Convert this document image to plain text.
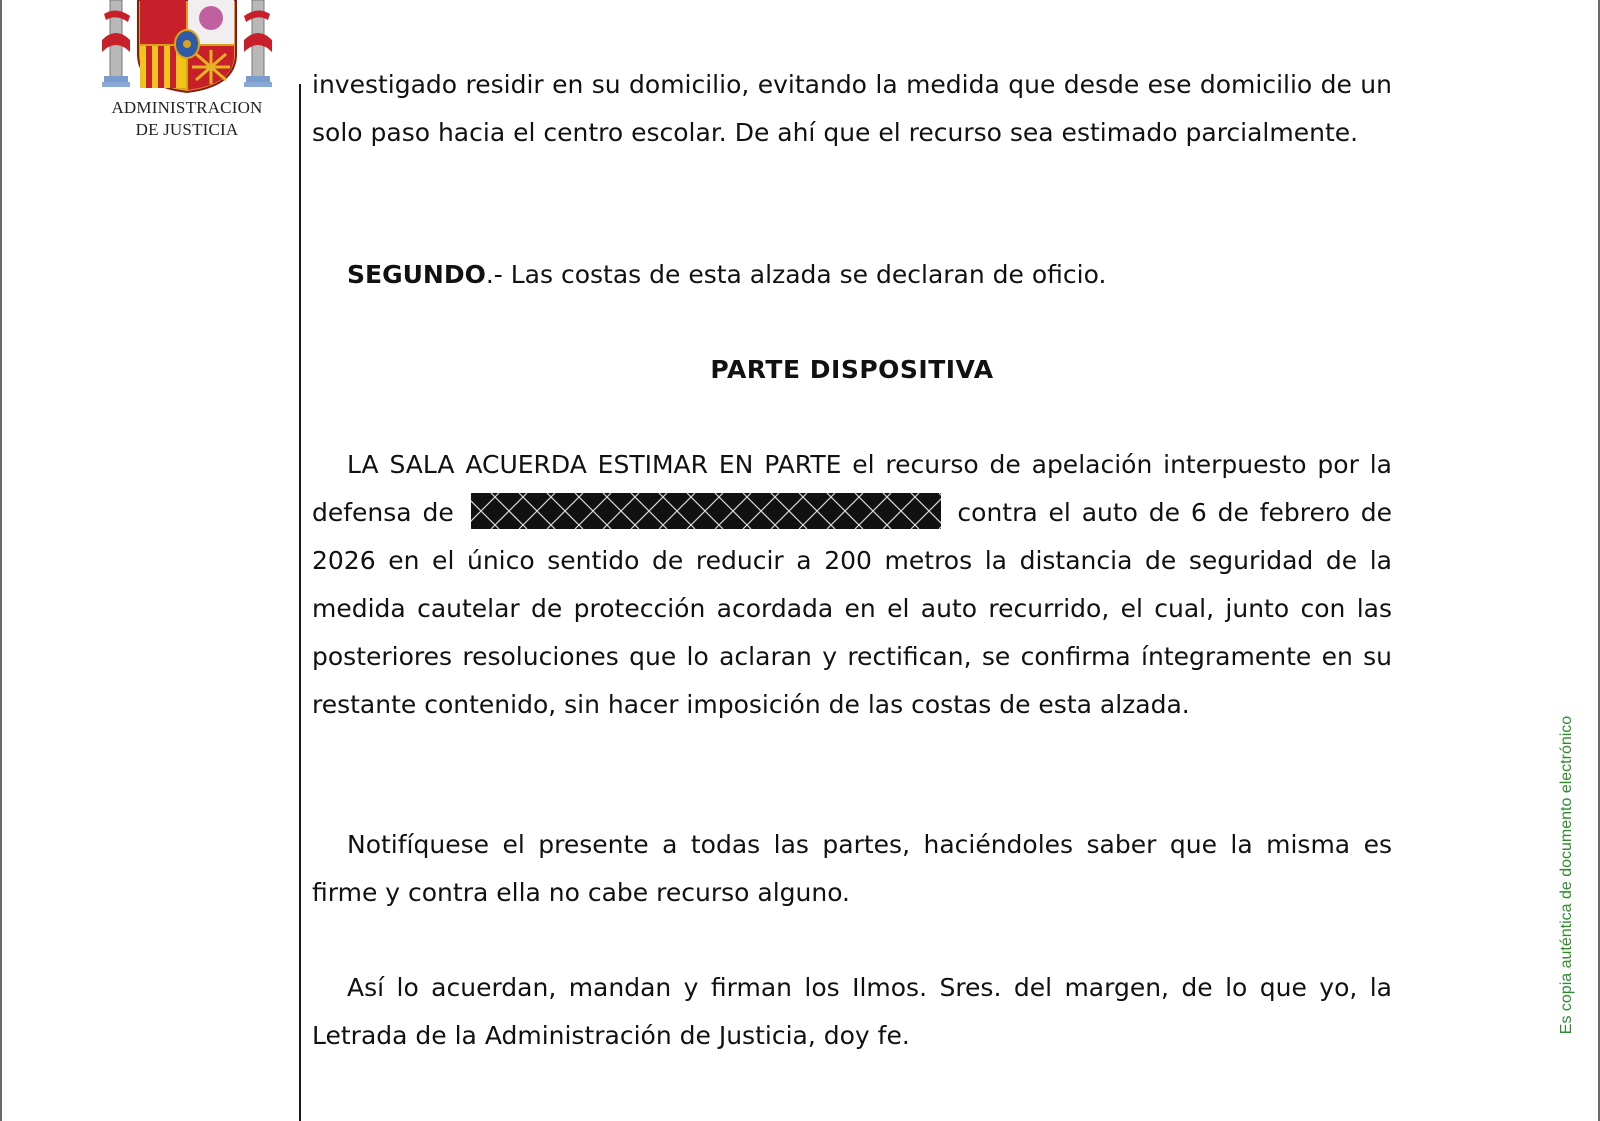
ADMINISTRACION
DE JUSTICIA

investigado residir en su domicilio, evitando la medida que desde ese domicilio de un solo paso hacia el centro escolar. De ahí que el recurso sea estimado parcialmente.

SEGUNDO.- Las costas de esta alzada se declaran de oficio.

PARTE DISPOSITIVA

LA SALA ACUERDA ESTIMAR EN PARTE el recurso de apelación interpuesto por la defensa de	contra el auto de 6 de febrero de 2026 en el único sentido de reducir a 200 metros la distancia de seguridad de la medida cautelar de protección acordada en el auto recurrido, el cual, junto con las posteriores resoluciones que lo aclaran y rectifican, se confirma íntegramente en su restante contenido, sin hacer imposición de las costas de esta alzada.

Notifíquese el presente a todas las partes, haciéndoles saber que la misma es firme y contra ella no cabe recurso alguno.

Así lo acuerdan, mandan y firman los Ilmos. Sres. del margen, de lo que yo, la Letrada de la Administración de Justicia, doy fe.

Es copia auténtica de documento electrónico
